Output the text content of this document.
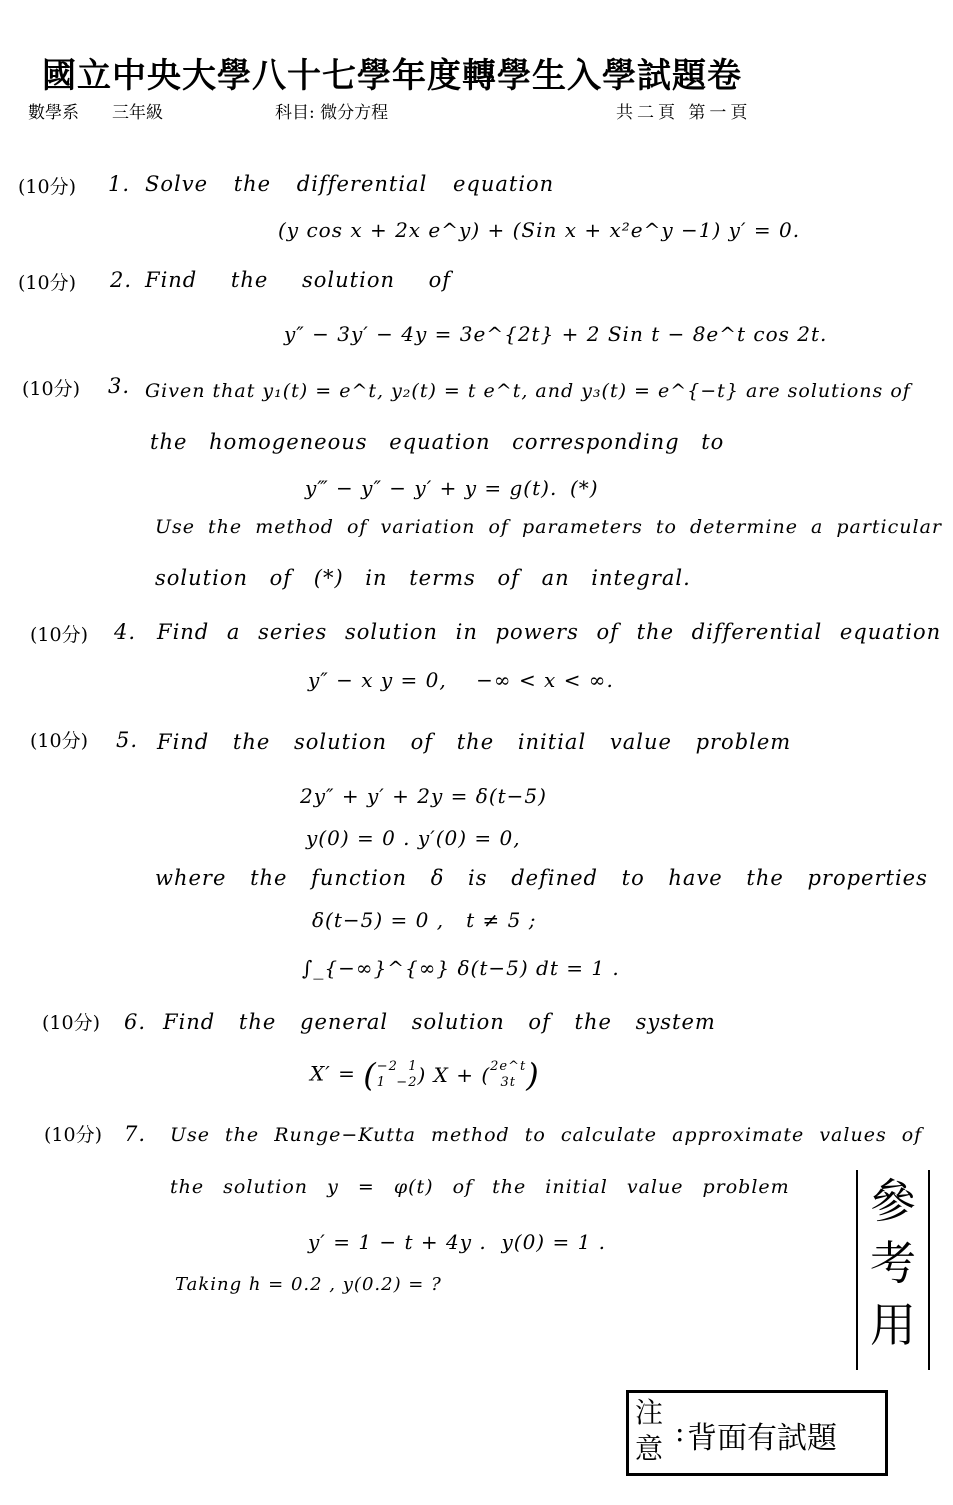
國立中央大學八十七學年度轉學生入學試題卷
數學系 三年級	科目: 微分方程	共二頁 第一頁
(10分) 1. Solve the differential equation
(y cos x + 2x e^y) + (Sin x + x²e^y −1) y′ = 0.
(10分) 2. Find the solution of
y″ − 3y′ − 4y = 3e^{2t} + 2 Sin t − 8e^t cos 2t.
(10分) 3. Given that y₁(t) = e^t, y₂(t) = t e^t, and y₃(t) = e^{−t} are solutions of
the homogeneous equation corresponding to
y‴ − y″ − y′ + y = g(t). (*)
Use the method of variation of parameters to determine a particular
solution of (*) in terms of an integral.
(10分) 4. Find a series solution in powers of the differential equation
y″ − x y = 0,    −∞ < x < ∞.
(10分) 5. Find the solution of the initial value problem
2y″ + y′ + 2y = δ(t−5)
y(0) = 0 . y′(0) = 0,
where the function δ is defined to have the properties
δ(t−5) = 0 ,   t ≠ 5 ;
∫_{−∞}^{∞} δ(t−5) dt = 1 .
(10分) 6. Find the general solution of the system
X′ = (−2 1
1 −2) X + (2e^t
3t )
(10分) 7. Use the Runge−Kutta method to calculate approximate values of
the solution y = φ(t) of the initial value problem
y′ = 1 − t + 4y .  y(0) = 1 .
Taking h = 0.2 , y(0.2) = ?
參
考
用
注
意
: 背面有試題
